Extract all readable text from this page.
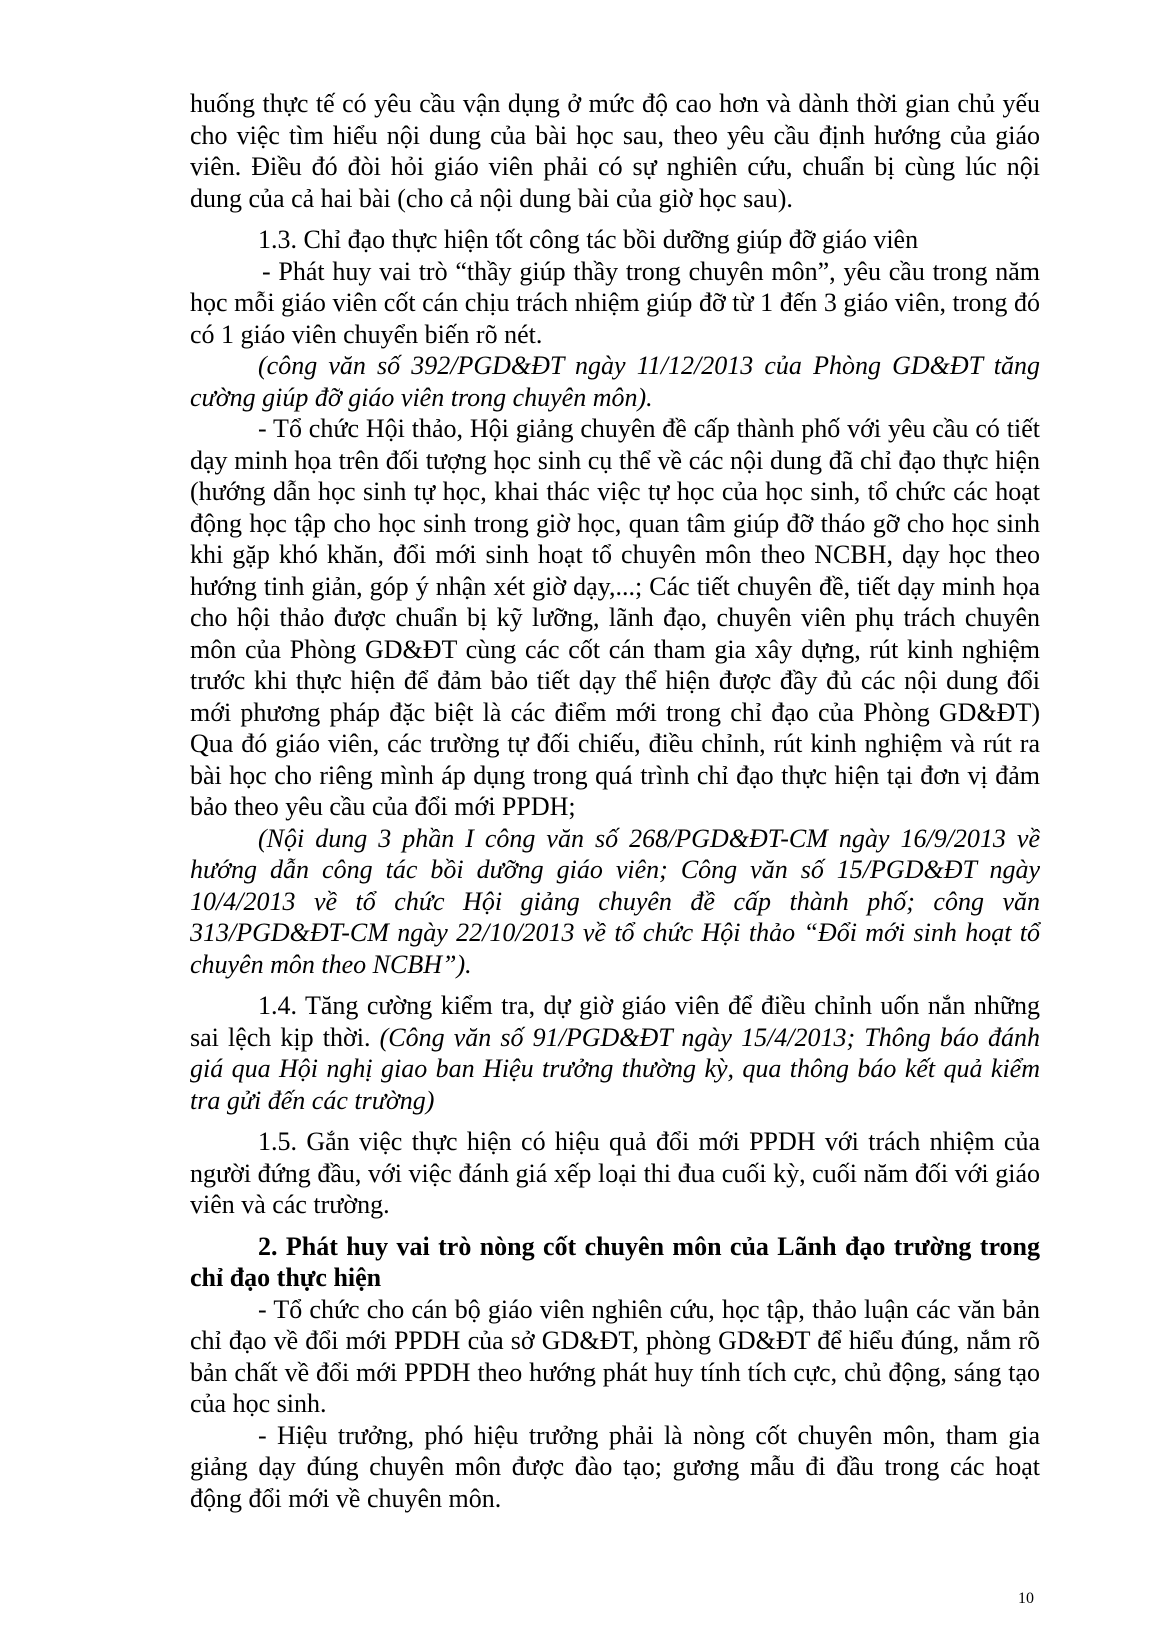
huống thực tế có yêu cầu vận dụng ở mức độ cao hơn và dành thời gian chủ yếu cho việc tìm hiểu nội dung của bài học sau, theo yêu cầu định hướng của giáo viên. Điều đó đòi hỏi giáo viên phải có sự nghiên cứu, chuẩn bị cùng lúc nội dung của cả hai bài (cho cả nội dung bài của giờ học sau).

1.3. Chỉ đạo thực hiện tốt công tác bồi dưỡng giúp đỡ giáo viên

- Phát huy vai trò “thầy giúp thầy trong chuyên môn”, yêu cầu trong năm học mỗi giáo viên cốt cán chịu trách nhiệm giúp đỡ từ 1 đến 3 giáo viên, trong đó có 1 giáo viên chuyển biến rõ nét.

(công văn số 392/PGD&ĐT ngày 11/12/2013 của Phòng GD&ĐT tăng cường giúp đỡ giáo viên trong chuyên môn).

- Tổ chức Hội thảo, Hội giảng chuyên đề cấp thành phố với yêu cầu có tiết dạy minh họa trên đối tượng học sinh cụ thể về các nội dung đã chỉ đạo thực hiện (hướng dẫn học sinh tự học, khai thác việc tự học của học sinh, tổ chức các hoạt động học tập cho học sinh trong giờ học, quan tâm giúp đỡ tháo gỡ cho học sinh khi gặp khó khăn, đổi mới sinh hoạt tổ chuyên môn theo NCBH, dạy học theo hướng tinh giản, góp ý nhận xét giờ dạy,...; Các tiết chuyên đề, tiết dạy minh họa cho hội thảo được chuẩn bị kỹ lưỡng, lãnh đạo, chuyên viên phụ trách chuyên môn của Phòng GD&ĐT cùng các cốt cán tham gia xây dựng, rút kinh nghiệm trước khi thực hiện để đảm bảo tiết dạy thể hiện được đầy đủ các nội dung đổi mới phương pháp đặc biệt là các điểm mới trong chỉ đạo của Phòng GD&ĐT) Qua đó giáo viên, các trường tự đối chiếu, điều chỉnh, rút kinh nghiệm và rút ra bài học cho riêng mình áp dụng trong quá trình chỉ đạo thực hiện tại đơn vị đảm bảo theo yêu cầu của đổi mới PPDH;

(Nội dung 3 phần I công văn số 268/PGD&ĐT-CM ngày 16/9/2013 về hướng dẫn công tác bồi dưỡng giáo viên; Công văn số 15/PGD&ĐT ngày 10/4/2013 về tổ chức Hội giảng chuyên đề cấp thành phố; công văn 313/PGD&ĐT-CM ngày 22/10/2013 về tổ chức Hội thảo “Đổi mới sinh hoạt tổ chuyên môn theo NCBH”).

1.4. Tăng cường kiểm tra, dự giờ giáo viên để điều chỉnh uốn nắn những sai lệch kịp thời. (Công văn số 91/PGD&ĐT ngày 15/4/2013; Thông báo đánh giá qua Hội nghị giao ban Hiệu trưởng thường kỳ, qua thông báo kết quả kiểm tra gửi đến các trường)

1.5. Gắn việc thực hiện có hiệu quả đổi mới PPDH với trách nhiệm của người đứng đầu, với việc đánh giá xếp loại thi đua cuối kỳ, cuối năm đối với giáo viên và các trường.

2. Phát huy vai trò nòng cốt chuyên môn của Lãnh đạo trường trong chỉ đạo thực hiện

- Tổ chức cho cán bộ giáo viên nghiên cứu, học tập, thảo luận các văn bản chỉ đạo về đổi mới PPDH của sở GD&ĐT, phòng GD&ĐT để hiểu đúng, nắm rõ bản chất về đổi mới PPDH theo hướng phát huy tính tích cực, chủ động, sáng tạo của học sinh.

- Hiệu trưởng, phó hiệu trưởng phải là nòng cốt chuyên môn, tham gia giảng dạy đúng chuyên môn được đào tạo; gương mẫu đi đầu trong các hoạt động đổi mới về chuyên môn.

10
